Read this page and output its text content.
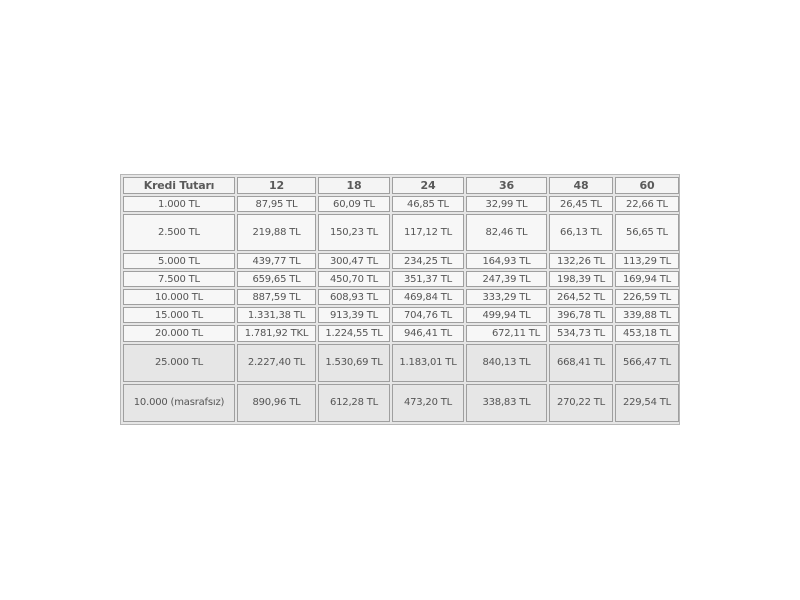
Kredi Tutarı	12	18	24	36	48	60
1.000 TL	87,95 TL	60,09 TL	46,85 TL	32,99 TL	26,45 TL	22,66 TL
2.500 TL	219,88 TL	150,23 TL	117,12 TL	82,46 TL	66,13 TL	56,65 TL
5.000 TL	439,77 TL	300,47 TL	234,25 TL	164,93 TL	132,26 TL	113,29 TL
7.500 TL	659,65 TL	450,70 TL	351,37 TL	247,39 TL	198,39 TL	169,94 TL
10.000 TL	887,59 TL	608,93 TL	469,84 TL	333,29 TL	264,52 TL	226,59 TL
15.000 TL	1.331,38 TL	913,39 TL	704,76 TL	499,94 TL	396,78 TL	339,88 TL
20.000 TL	1.781,92 TKL	1.224,55 TL	946,41 TL	672,11 TL	534,73 TL	453,18 TL
25.000 TL	2.227,40 TL	1.530,69 TL	1.183,01 TL	840,13 TL	668,41 TL	566,47 TL
10.000 (masrafsız)	890,96 TL	612,28 TL	473,20 TL	338,83 TL	270,22 TL	229,54 TL
